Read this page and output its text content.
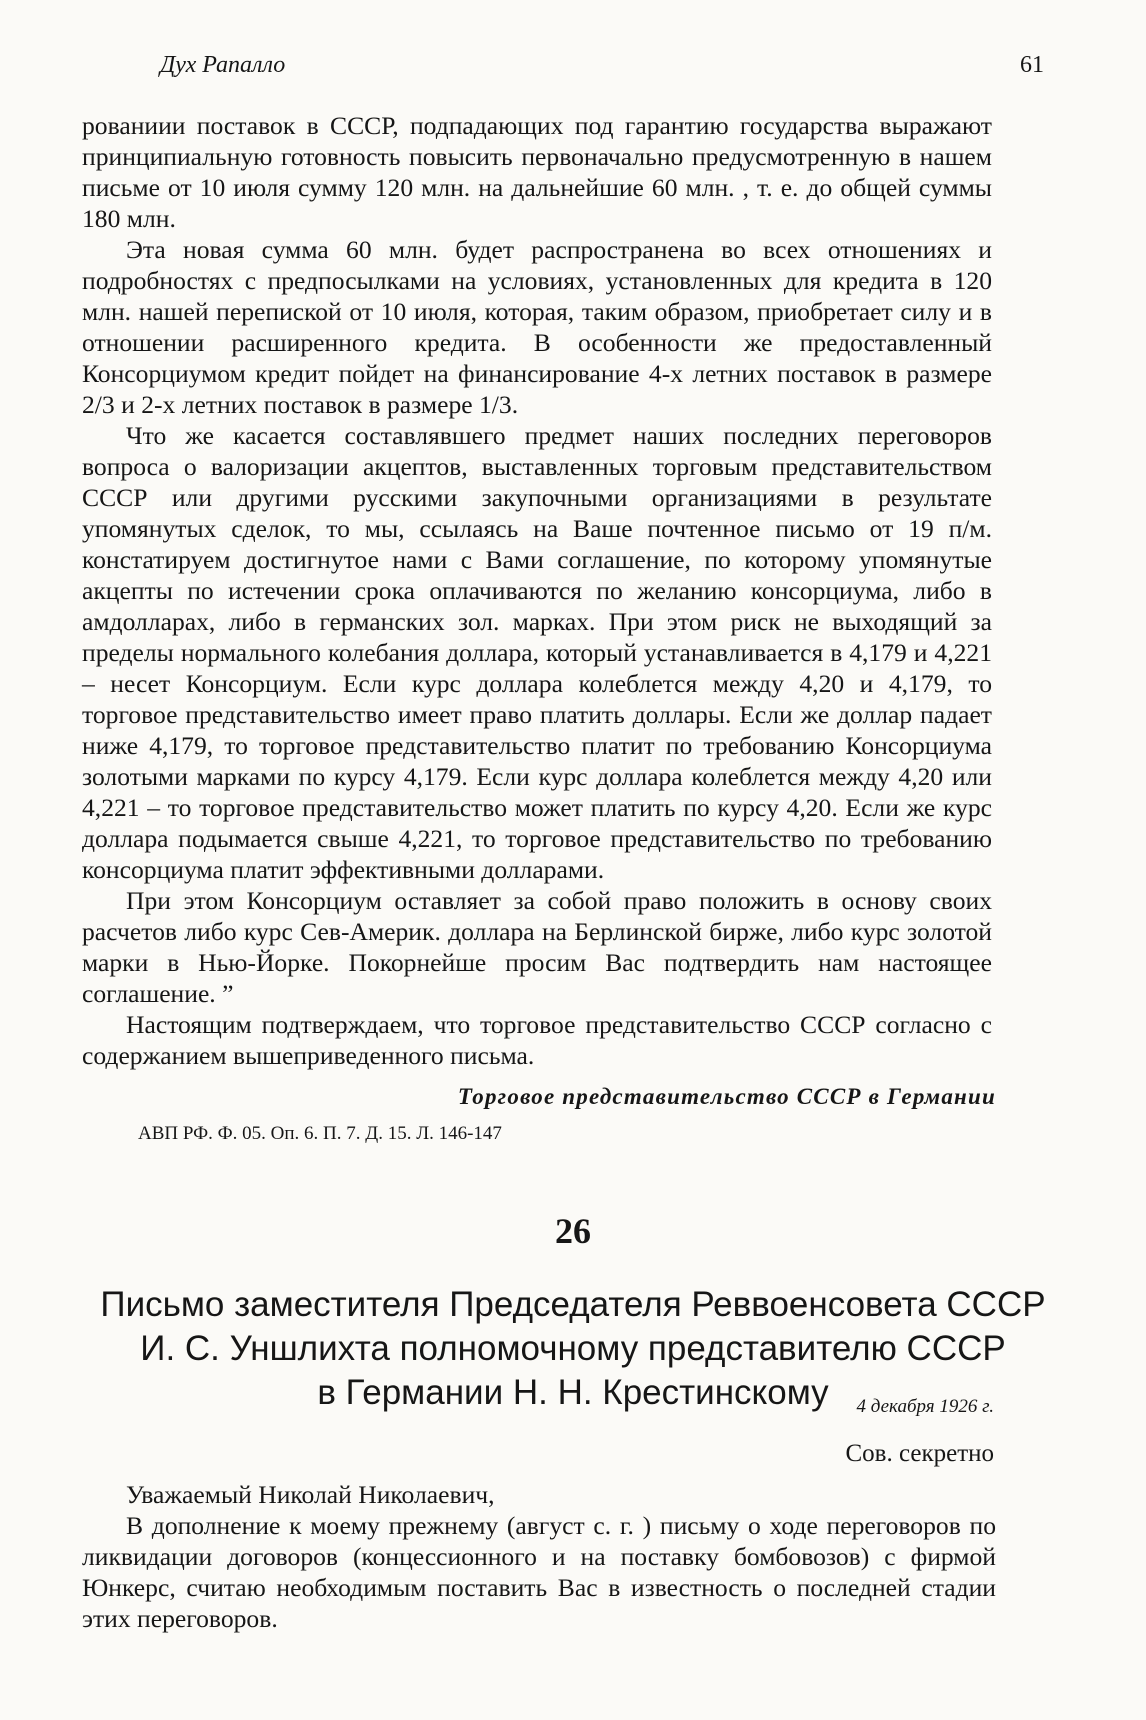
Дух Рапалло	61

рованиии поставок в СССР, подпадающих под гарантию государства выражают принципиальную готовность повысить первоначально предусмотренную в нашем письме от 10 июля сумму 120 млн. на дальнейшие 60 млн. , т. е. до общей суммы 180 млн.

Эта новая сумма 60 млн. будет распространена во всех отношениях и подробностях с предпосылками на условиях, установленных для кредита в 120 млн. нашей перепиской от 10 июля, которая, таким образом, приобретает силу и в отношении расширенного кредита. В особенности же предоставленный Консорциумом кредит пойдет на финансирование 4-х летних поставок в размере 2/3 и 2-х летних поставок в размере 1/3.

Что же касается составлявшего предмет наших последних переговоров вопроса о валоризации акцептов, выставленных торговым представительством СССР или другими русскими закупочными организациями в результате упомянутых сделок, то мы, ссылаясь на Ваше почтенное письмо от 19 п/м. констатируем достигнутое нами с Вами соглашение, по которому упомянутые акцепты по истечении срока оплачиваются по желанию консорциума, либо в амдолларах, либо в германских зол. марках. При этом риск не выходящий за пределы нормального колебания доллара, который устанавливается в 4,179 и 4,221 – несет Консорциум. Если курс доллара колеблется между 4,20 и 4,179, то торговое представительство имеет право платить доллары. Если же доллар падает ниже 4,179, то торговое представительство платит по требованию Консорциума золотыми марками по курсу 4,179. Если курс доллара колеблется между 4,20 или 4,221 – то торговое представительство может платить по курсу 4,20. Если же курс доллара подымается свыше 4,221, то торговое представительство по требованию консорциума платит эффективными долларами.

При этом Консорциум оставляет за собой право положить в основу своих расчетов либо курс Сев-Америк. доллара на Берлинской бирже, либо курс золотой марки в Нью-Йорке. Покорнейше просим Вас подтвердить нам настоящее соглашение. ”

Настоящим подтверждаем, что торговое представительство СССР согласно с содержанием вышеприведенного письма.

Торговое представительство СССР в Германии
АВП РФ. Ф. 05. Оп. 6. П. 7. Д. 15. Л. 146-147
26
Письмо заместителя Председателя Реввоенсовета СССР
И. С. Уншлихта полномочному представителю СССР
в Германии Н. Н. Крестинскому	4 декабря 1926 г.
Сов. секретно

Уважаемый Николай Николаевич,

В дополнение к моему прежнему (август с. г. ) письму о ходе переговоров по ликвидации договоров (концессионного и на поставку бомбовозов) с фирмой Юнкерс, считаю необходимым поставить Вас в известность о последней стадии этих переговоров.
